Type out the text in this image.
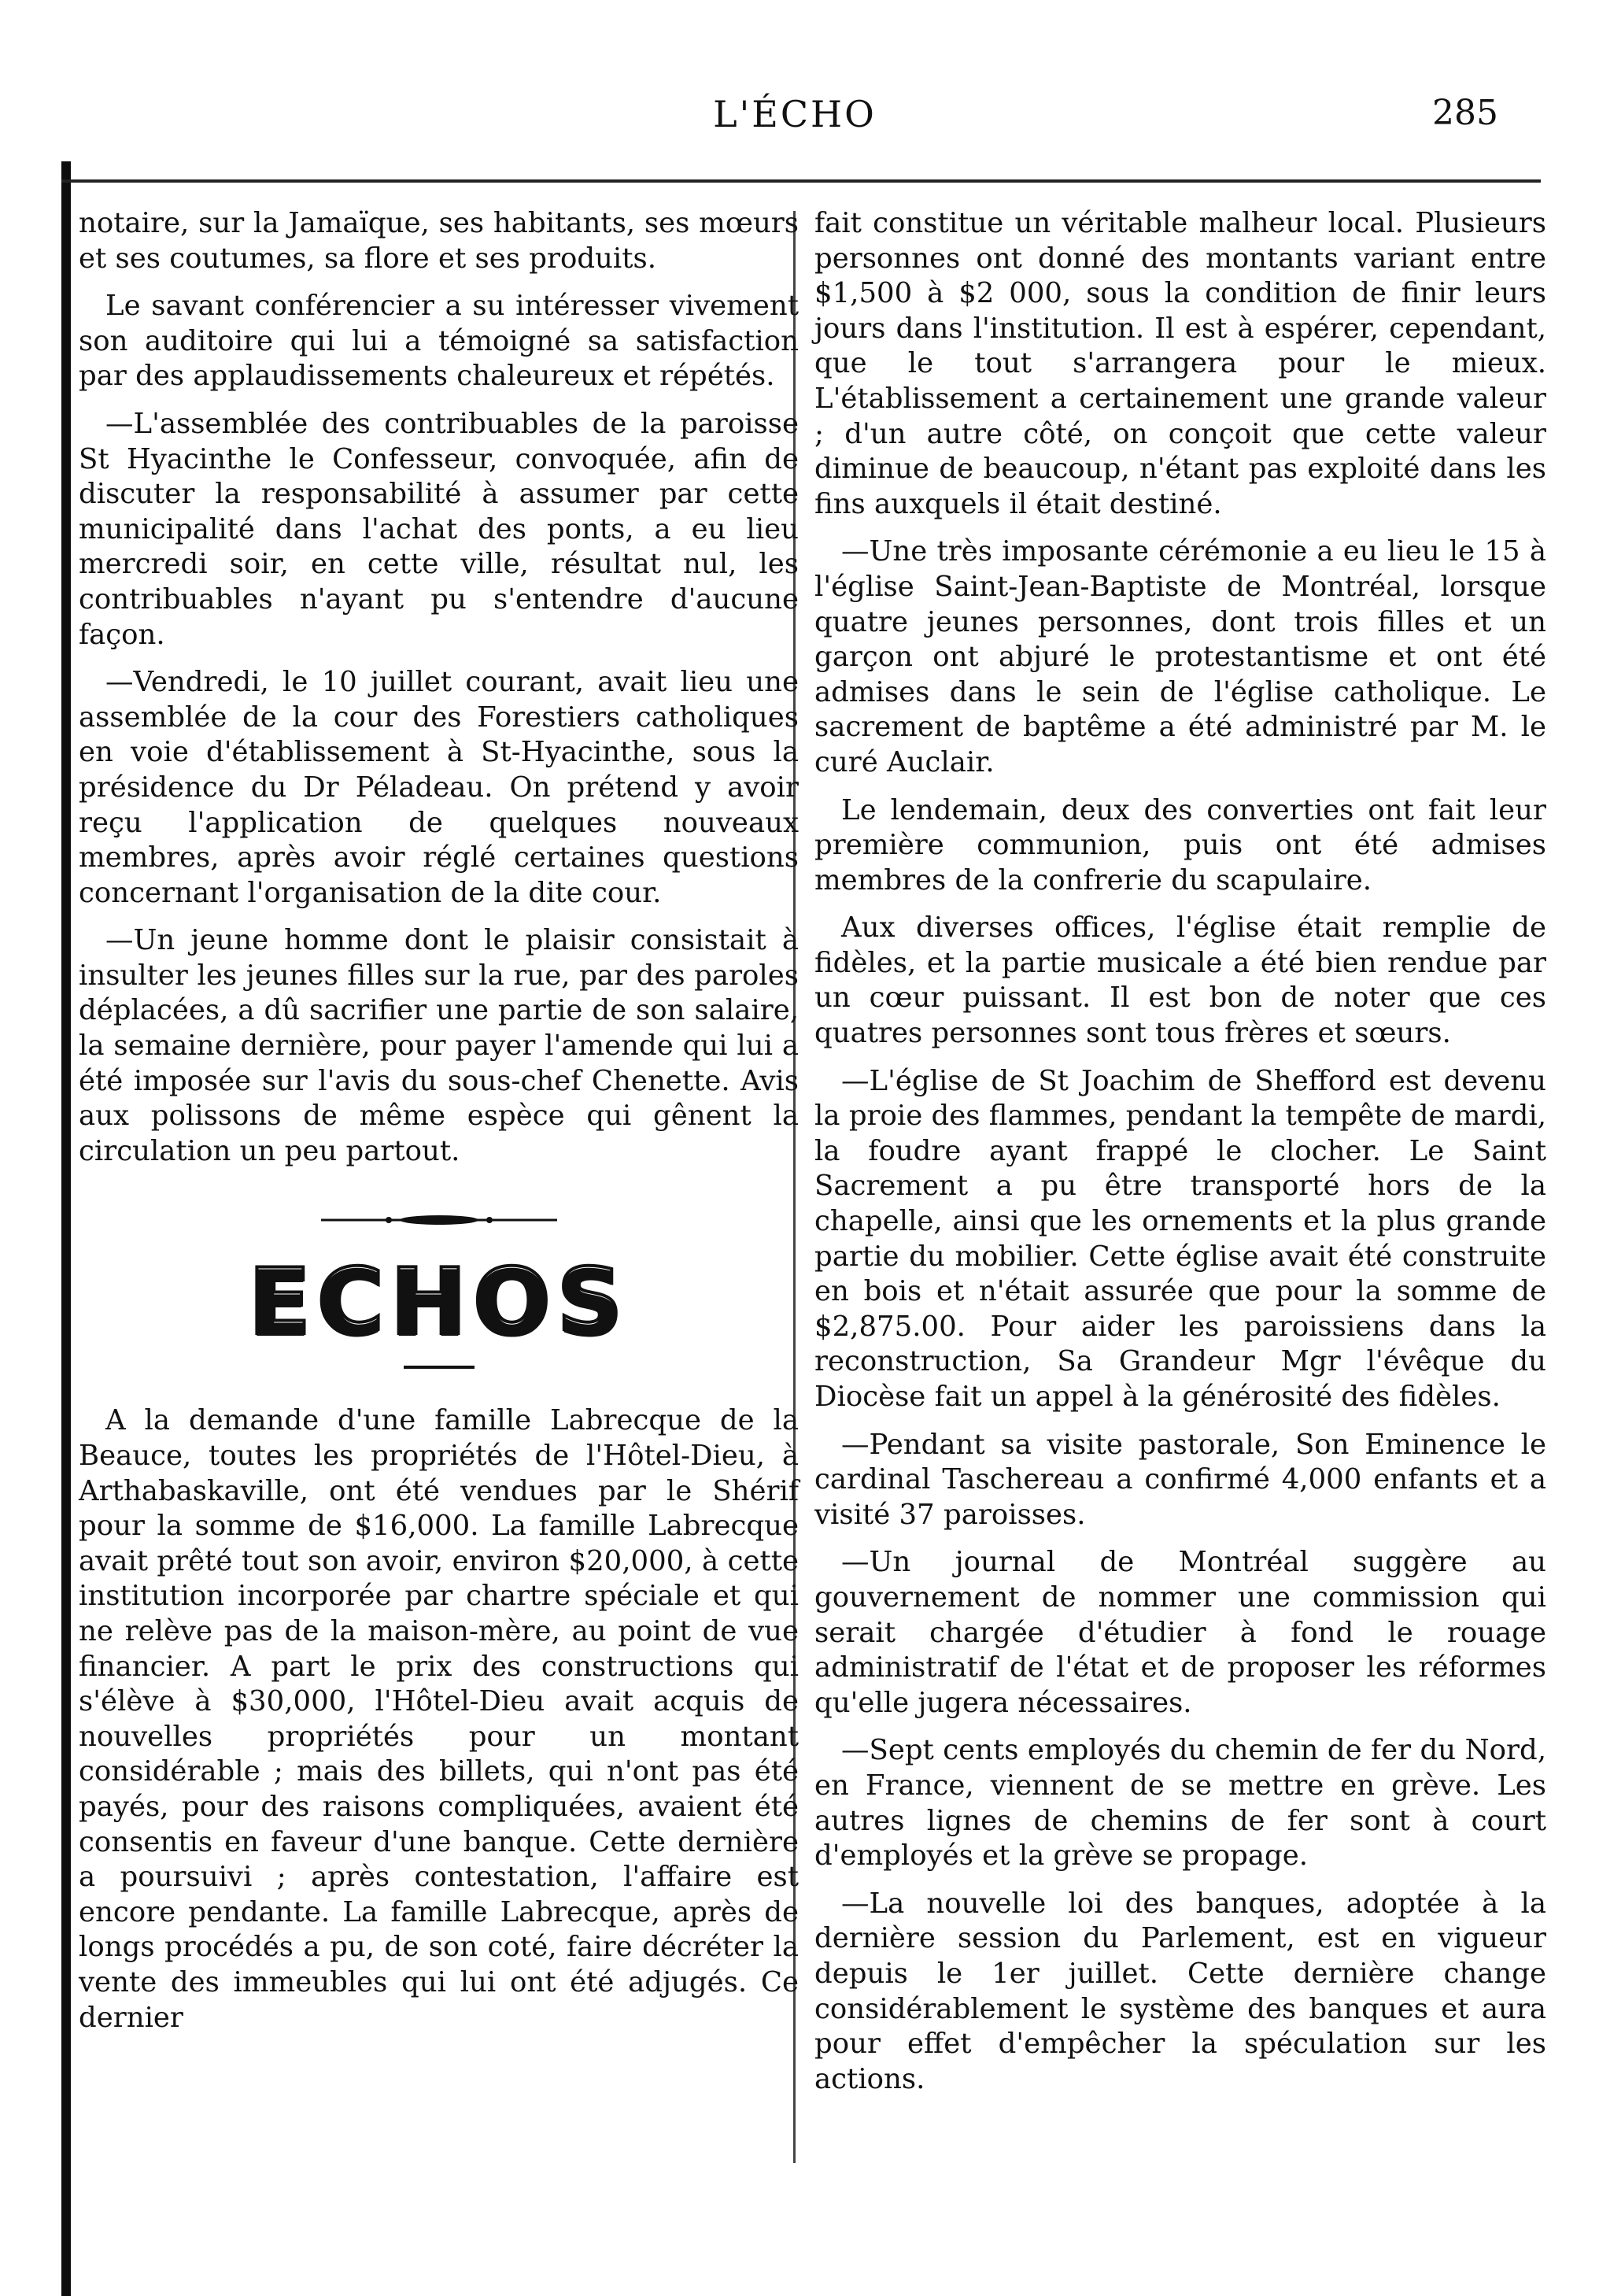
L'ÉCHO	285

notaire, sur la Jamaïque, ses habitants, ses mœurs et ses coutumes, sa flore et ses produits.

Le savant conférencier a su intéresser vivement son auditoire qui lui a témoigné sa satisfaction par des applaudissements chaleureux et répétés.

—L'assemblée des contribuables de la paroisse St Hyacinthe le Confesseur, convoquée, afin de discuter la responsabilité à assumer par cette municipalité dans l'achat des ponts, a eu lieu mercredi soir, en cette ville, résultat nul, les contribuables n'ayant pu s'entendre d'aucune façon.

—Vendredi, le 10 juillet courant, avait lieu une assemblée de la cour des Forestiers catholiques en voie d'établissement à St-Hyacinthe, sous la présidence du Dr Péladeau. On prétend y avoir reçu l'application de quelques nouveaux membres, après avoir réglé certaines questions concernant l'organisation de la dite cour.

—Un jeune homme dont le plaisir consistait à insulter les jeunes filles sur la rue, par des paroles déplacées, a dû sacrifier une partie de son salaire, la semaine dernière, pour payer l'amende qui lui a été imposée sur l'avis du sous-chef Chenette. Avis aux polissons de même espèce qui gênent la circulation un peu partout.

ECHOS

A la demande d'une famille Labrecque de la Beauce, toutes les propriétés de l'Hôtel-Dieu, à Arthabaskaville, ont été vendues par le Shérif pour la somme de $16,000. La famille Labrecque avait prêté tout son avoir, environ $20,000, à cette institution incorporée par chartre spéciale et qui ne relève pas de la maison-mère, au point de vue financier. A part le prix des constructions qui s'élève à $30,000, l'Hôtel-Dieu avait acquis de nouvelles propriétés pour un montant considérable ; mais des billets, qui n'ont pas été payés, pour des raisons compliquées, avaient été consentis en faveur d'une banque. Cette dernière a poursuivi ; après contestation, l'affaire est encore pendante. La famille Labrecque, après de longs procédés a pu, de son coté, faire décréter la vente des immeubles qui lui ont été adjugés. Ce dernier

fait constitue un véritable malheur local. Plusieurs personnes ont donné des montants variant entre $1,500 à $2 000, sous la condition de finir leurs jours dans l'institution. Il est à espérer, cependant, que le tout s'arrangera pour le mieux. L'établissement a certainement une grande valeur ; d'un autre côté, on conçoit que cette valeur diminue de beaucoup, n'étant pas exploité dans les fins auxquels il était destiné.

—Une très imposante cérémonie a eu lieu le 15 à l'église Saint-Jean-Baptiste de Montréal, lorsque quatre jeunes personnes, dont trois filles et un garçon ont abjuré le protestantisme et ont été admises dans le sein de l'église catholique. Le sacrement de baptême a été administré par M. le curé Auclair.

Le lendemain, deux des converties ont fait leur première communion, puis ont été admises membres de la confrerie du scapulaire.

Aux diverses offices, l'église était remplie de fidèles, et la partie musicale a été bien rendue par un cœur puissant. Il est bon de noter que ces quatres personnes sont tous frères et sœurs.

—L'église de St Joachim de Shefford est devenu la proie des flammes, pendant la tempête de mardi, la foudre ayant frappé le clocher. Le Saint Sacrement a pu être transporté hors de la chapelle, ainsi que les ornements et la plus grande partie du mobilier. Cette église avait été construite en bois et n'était assurée que pour la somme de $2,875.00. Pour aider les paroissiens dans la reconstruction, Sa Grandeur Mgr l'évêque du Diocèse fait un appel à la générosité des fidèles.

—Pendant sa visite pastorale, Son Eminence le cardinal Taschereau a confirmé 4,000 enfants et a visité 37 paroisses.

—Un journal de Montréal suggère au gouvernement de nommer une commission qui serait chargée d'étudier à fond le rouage administratif de l'état et de proposer les réformes qu'elle jugera nécessaires.

—Sept cents employés du chemin de fer du Nord, en France, viennent de se mettre en grève. Les autres lignes de chemins de fer sont à court d'employés et la grève se propage.

—La nouvelle loi des banques, adoptée à la dernière session du Parlement, est en vigueur depuis le 1er juillet. Cette dernière change considérablement le système des banques et aura pour effet d'empêcher la spéculation sur les actions.
